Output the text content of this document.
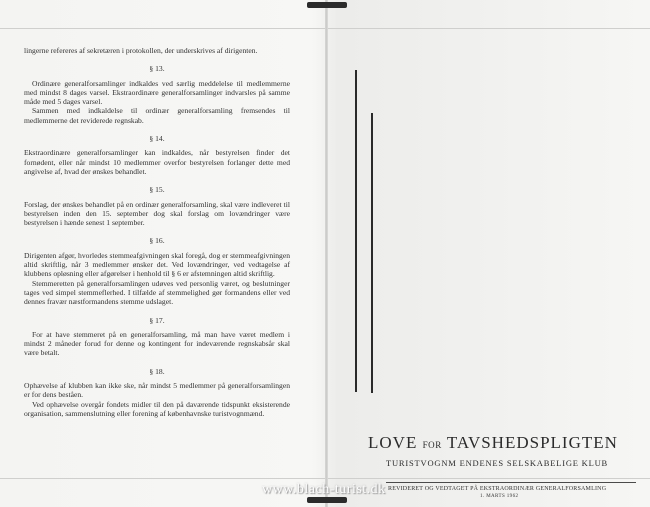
lingerne refereres af sekretæren i protokollen, der underskrives af dirigenten.

§ 13.

Ordinære generalforsamlinger indkaldes ved særlig meddelelse til medlemmerne med mindst 8 dages varsel. Ekstraordinære generalforsamlinger indvarsles på samme måde med 5 dages varsel.

Sammen med indkaldelse til ordinær generalforsamling fremsendes til medlemmerne det reviderede regnskab.

§ 14.

Ekstraordinære generalforsamlinger kan indkaldes, når bestyrelsen finder det fornødent, eller når mindst 10 medlemmer overfor bestyrelsen forlanger dette med angivelse af, hvad der ønskes behandlet.

§ 15.

Forslag, der ønskes behandlet på en ordinær generalforsamling, skal være indleveret til bestyrelsen inden den 15. september dog skal forslag om lovændringer være bestyrelsen i hænde senest 1 september.

§ 16.

Dirigenten afgør, hvorledes stemmeafgivningen skal foregå, dog er stemmeafgivningen altid skriftlig, når 3 medlemmer ønsker det. Ved lovændringer, ved vedtagelse af klubbens opløsning eller afgørelser i henhold til § 6 er afstemningen altid skriftlig.

Stemmeretten på generalforsamlingen udøves ved personlig været, og beslutninger tages ved simpel stemmeflerhed. I tilfælde af stemmelighed gør formandens eller ved dennes fravær næstformandens stemme udslaget.

§ 17.

For at have stemmeret på en generalforsamling, må man have været medlem i mindst 2 måneder forud for denne og kontingent for indeværende regnskabsår skal være betalt.

§ 18.

Ophævelse af klubben kan ikke ske, når mindst 5 medlemmer på generalforsamlingen er for dens beståen.

Ved ophævelse overgår fondets midler til den på daværende tidspunkt eksisterende organisation, sammenslutning eller forening af københavnske turistvognmænd.

LOVE FOR TAVSHEDSPLIGTEN
TURISTVOGNM ENDENES SELSKABELIGE KLUB
REVIDERET OG VEDTAGET PÅ EKSTRAORDINÆR GENERALFORSAMLING
1. MARTS 1962
www.blach-turist.dk
